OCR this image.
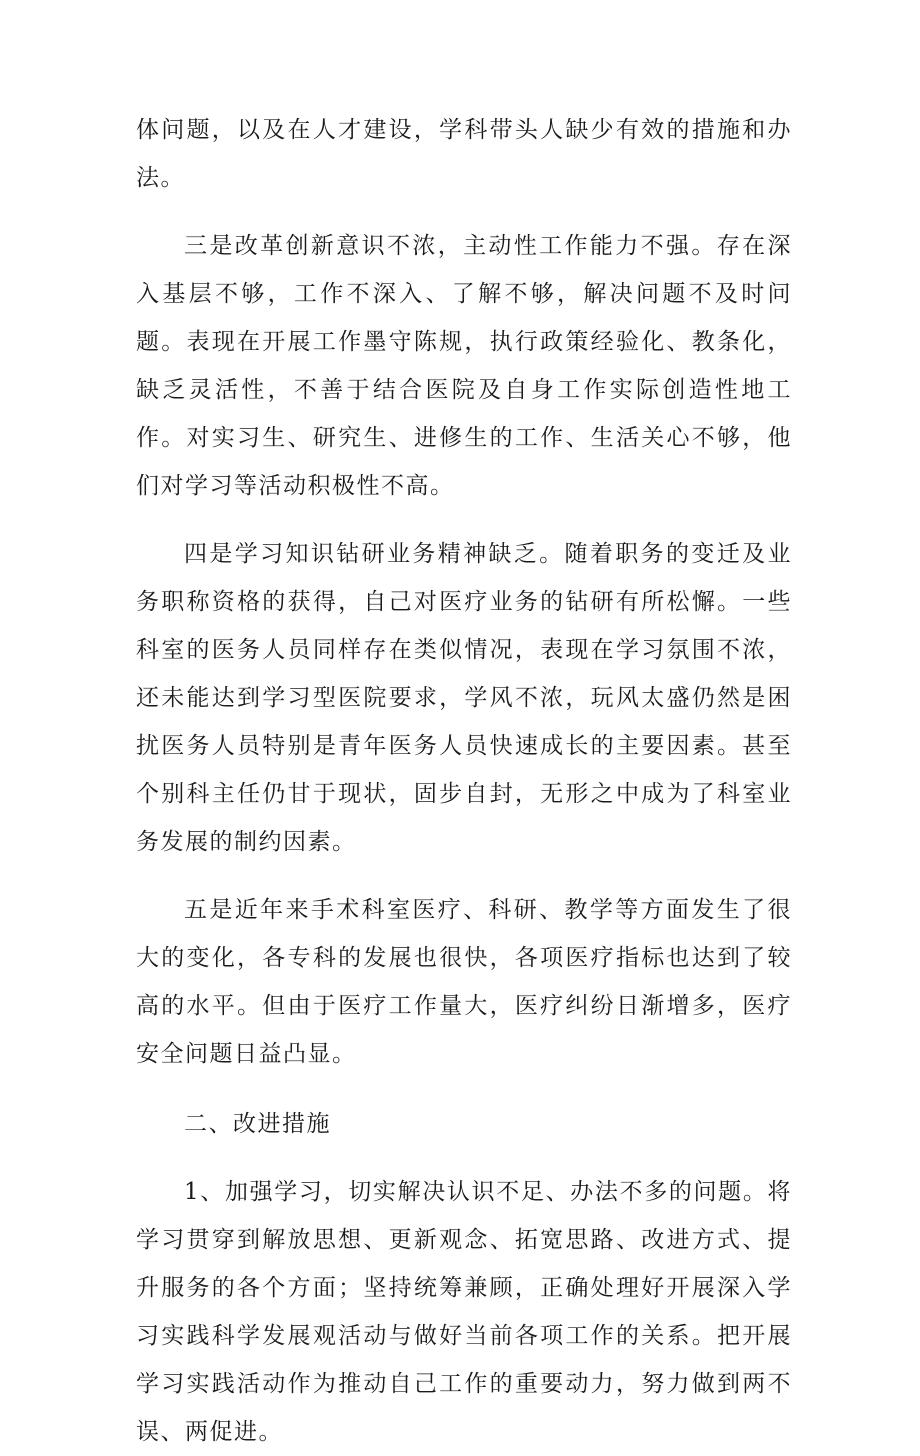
体问题，以及在人才建设，学科带头人缺少有效的措施和办法。

三是改革创新意识不浓，主动性工作能力不强。存在深入基层不够，工作不深入、了解不够，解决问题不及时问题。表现在开展工作墨守陈规，执行政策经验化、教条化，缺乏灵活性，不善于结合医院及自身工作实际创造性地工作。对实习生、研究生、进修生的工作、生活关心不够，他们对学习等活动积极性不高。

四是学习知识钻研业务精神缺乏。随着职务的变迁及业务职称资格的获得，自己对医疗业务的钻研有所松懈。一些科室的医务人员同样存在类似情况，表现在学习氛围不浓，还未能达到学习型医院要求，学风不浓，玩风太盛仍然是困扰医务人员特别是青年医务人员快速成长的主要因素。甚至个别科主任仍甘于现状，固步自封，无形之中成为了科室业务发展的制约因素。

五是近年来手术科室医疗、科研、教学等方面发生了很大的变化，各专科的发展也很快，各项医疗指标也达到了较高的水平。但由于医疗工作量大，医疗纠纷日渐增多，医疗安全问题日益凸显。

二、改进措施

1、加强学习，切实解决认识不足、办法不多的问题。将学习贯穿到解放思想、更新观念、拓宽思路、改进方式、提升服务的各个方面；坚持统筹兼顾，正确处理好开展深入学习实践科学发展观活动与做好当前各项工作的关系。把开展学习实践活动作为推动自己工作的重要动力，努力做到两不误、两促进。
